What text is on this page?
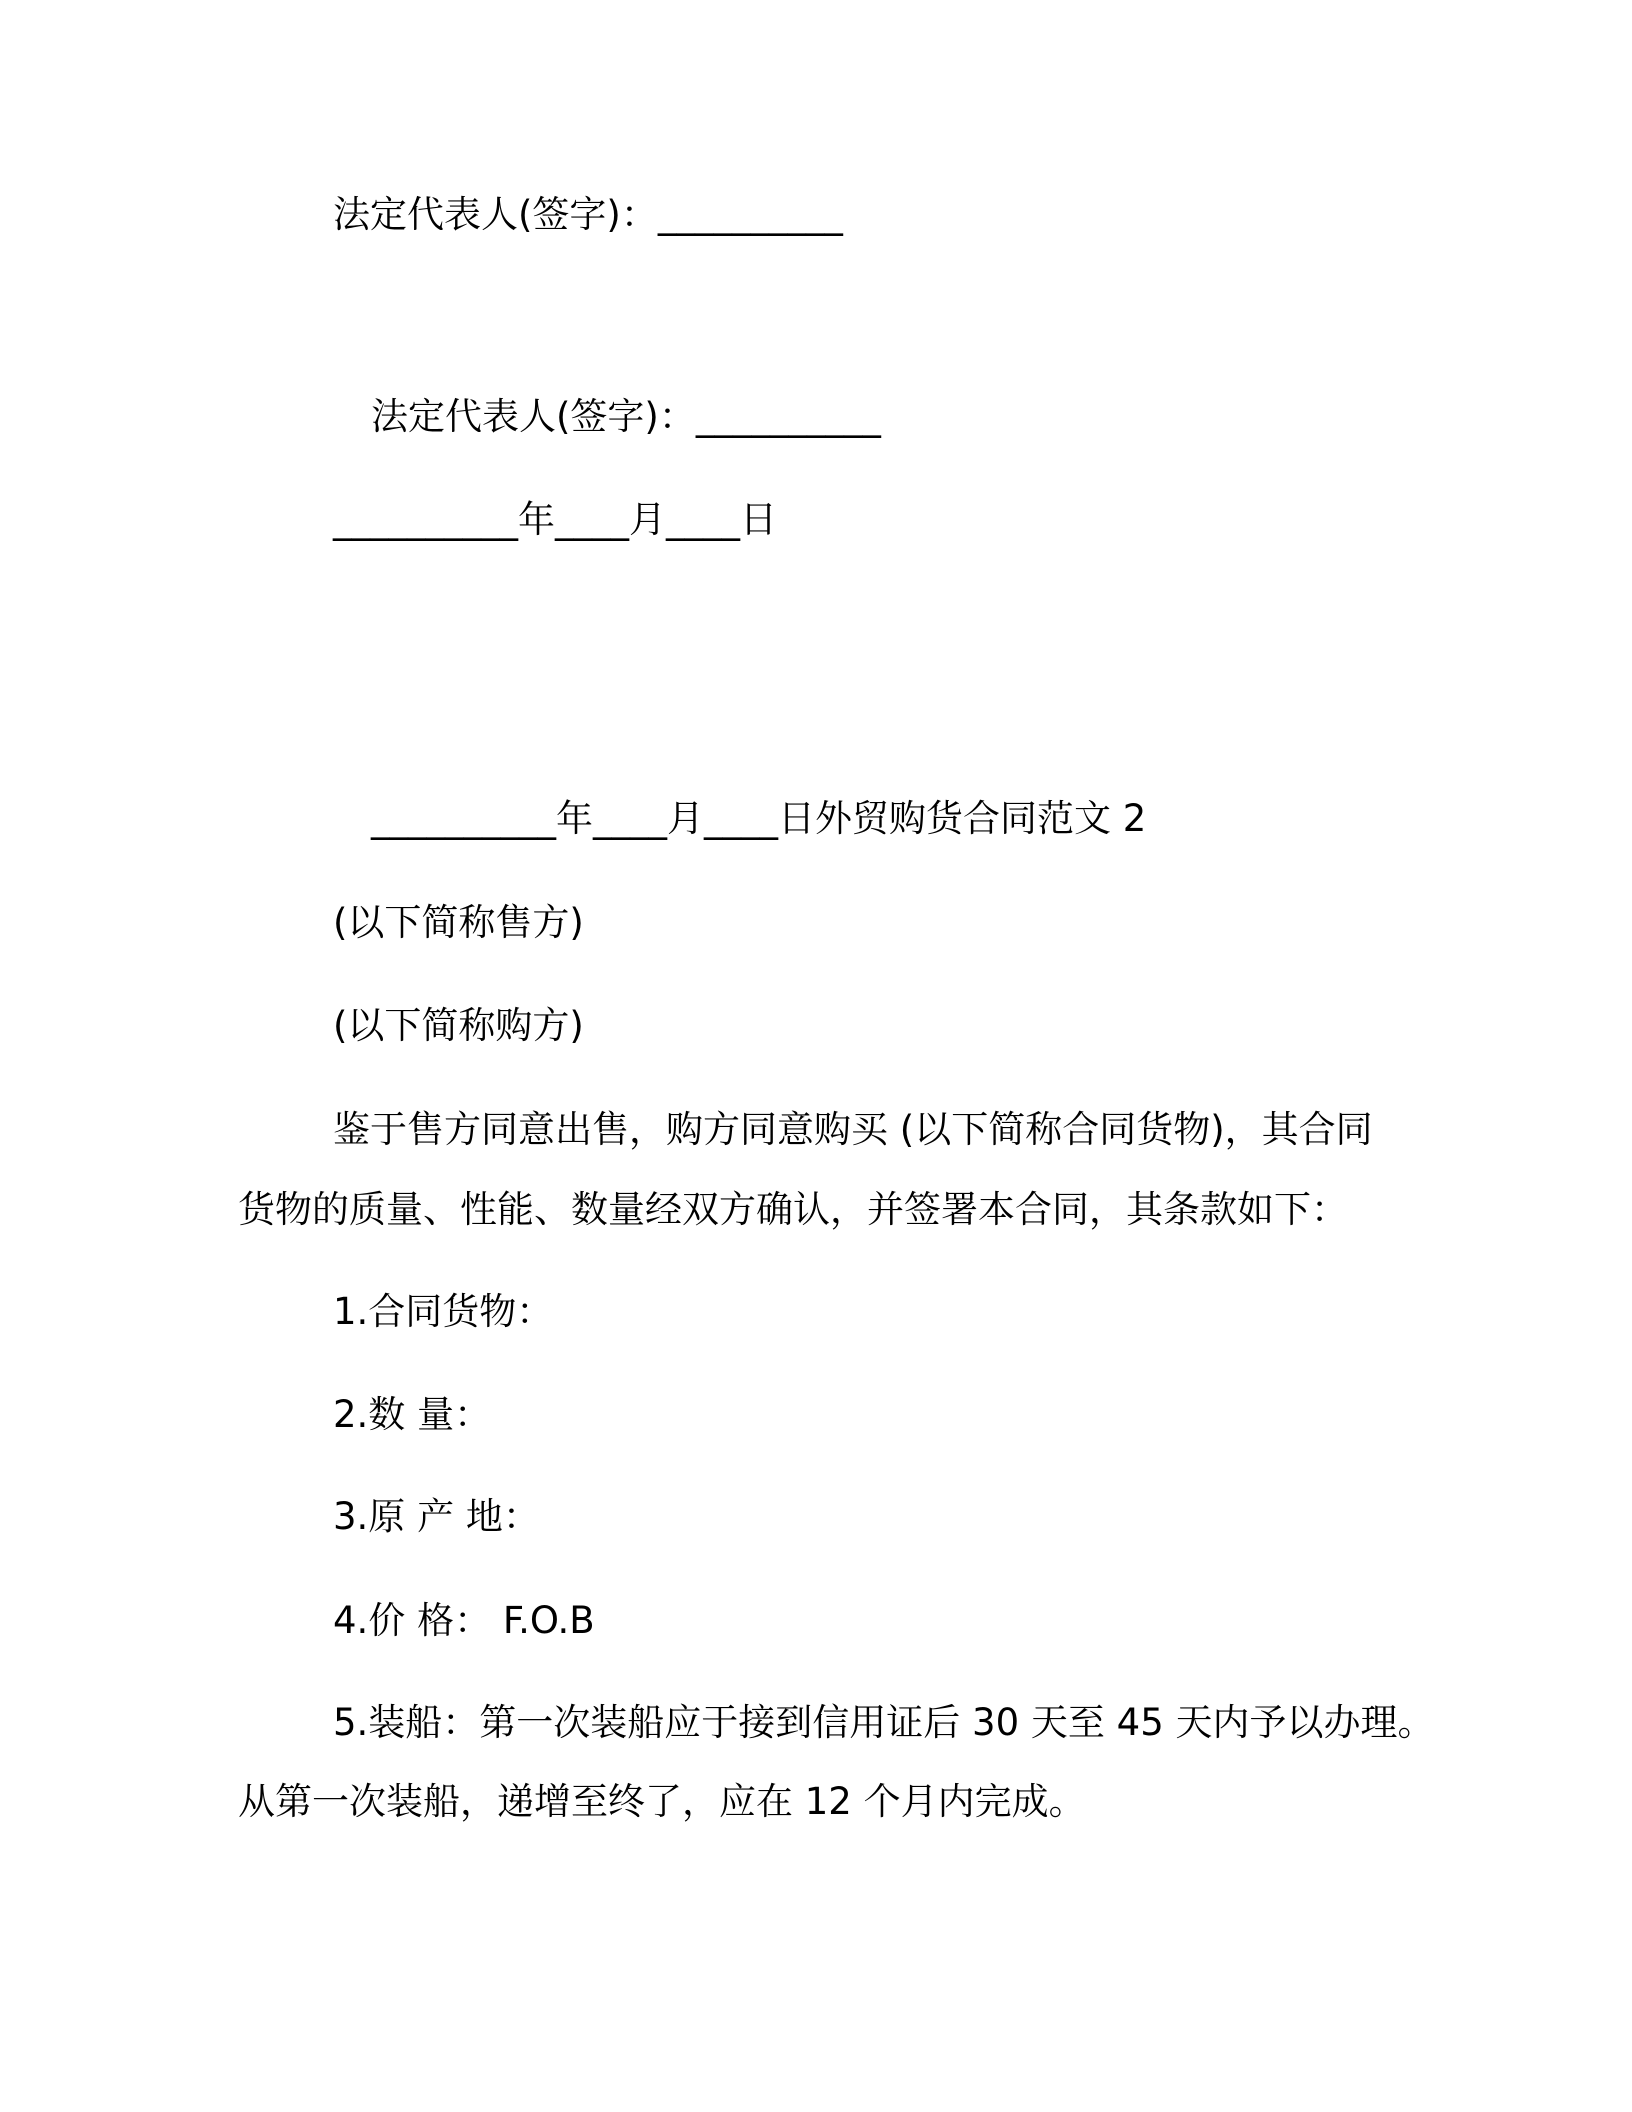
法定代表人(签字)：__________

法定代表人(签字)：__________

__________年____月____日

__________年____月____日外贸购货合同范文 2

(以下简称售方)

(以下简称购方)

鉴于售方同意出售，购方同意购买 (以下简称合同货物)，其合同

货物的质量、性能、数量经双方确认，并签署本合同，其条款如下：

1.合同货物：

2.数 量：

3.原 产 地：

4.价 格： F.O.B

5.装船：第一次装船应于接到信用证后 30 天至 45 天内予以办理。

从第一次装船，递增至终了，应在 12 个月内完成。
